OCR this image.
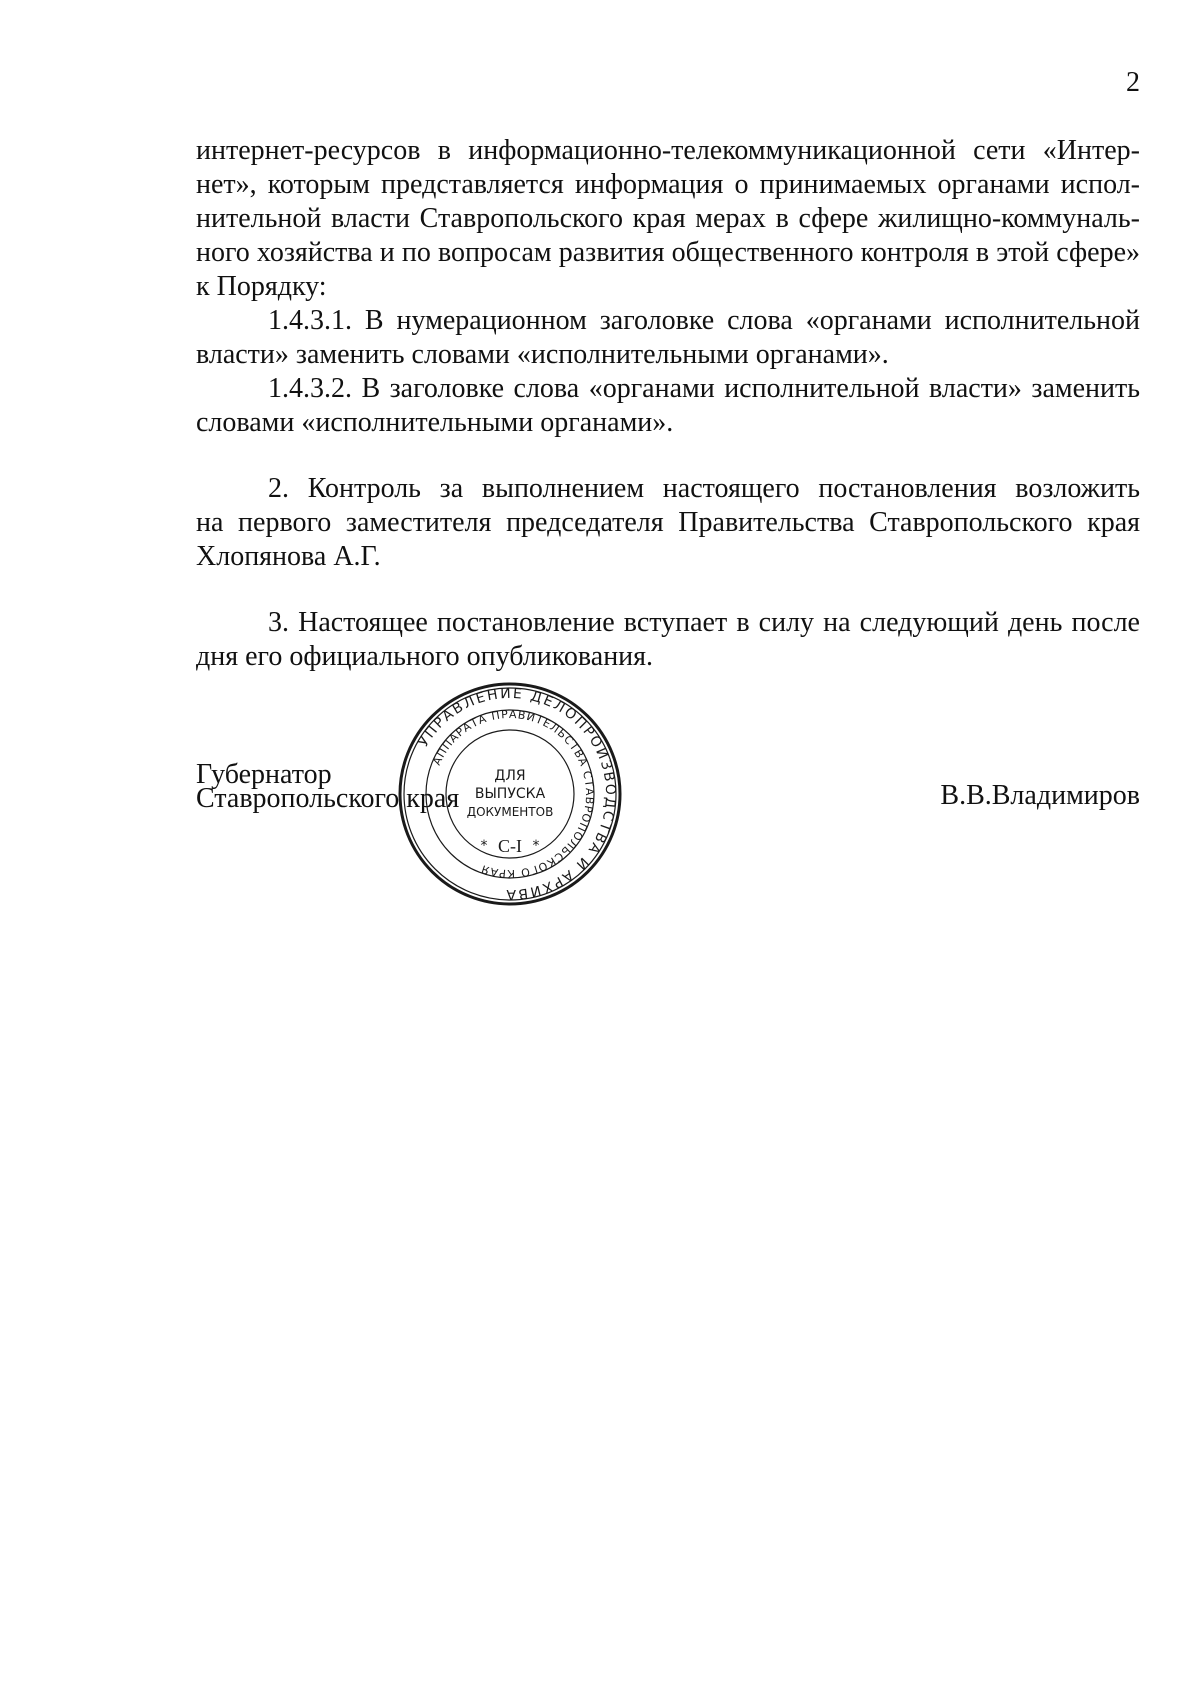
2
интернет-ресурсов в информационно-телекоммуникационной сети «Интер-
нет», которым представляется информация о принимаемых органами испол-
нительной власти Ставропольского края мерах в сфере жилищно-коммуналь-
ного хозяйства и по вопросам развития общественного контроля в этой сфере»
к Порядку:
1.4.3.1. В нумерационном заголовке слова «органами исполнительной
власти» заменить словами «исполнительными органами».
1.4.3.2. В заголовке слова «органами исполнительной власти» заменить
словами «исполнительными органами».
2. Контроль за выполнением настоящего постановления возложить
на первого заместителя председателя Правительства Ставропольского края
Хлопянова А.Г.
3. Настоящее постановление вступает в силу на следующий день после
дня его официального опубликования.
Губернатор
Ставропольского края	В.В.Владимиров
УПРАВЛЕНИЕ ДЕЛОПРОИЗВОДСТВА И АРХИВА
АППАРАТА ПРАВИТЕЛЬСТВА СТАВРОПОЛЬСКОГО КРАЯ
ДЛЯ
ВЫПУСКА
ДОКУМЕНТОВ
С-I
*	*
